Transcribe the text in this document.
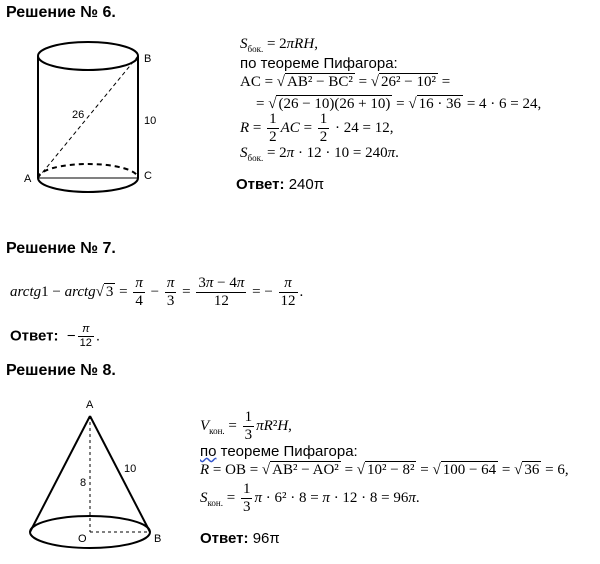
Решение № 6.
26	10
B
A	C
$S_{бок.} = 2\pi RH$,
по теореме Пифагора:
AC = √ AB² − BC² = √ 26² − 10² =
= √ (26 − 10)(26 + 10) = √ 16 · 36 = 4 · 6 = 24,
$R = \frac{1}{2}$ AC = $\frac{1}{2} \cdot 24 = 12$,
$S_{бок.} = 2\pi \cdot 12 \cdot 10 = 240\pi$.
Ответ: 240π
Решение № 7.
arctg1 − arctg√ $3 = \frac{\pi}{4} - \frac{\pi}{3} = \frac{3\pi - 4\pi}{12}$ = − $\frac{\pi}{12}$ .
Ответ:  − $\frac{\pi}{12}$ .
Решение № 8.
A
8
10
O	B
$V_{кон.} = \frac{1}{3} \pi R^2H$,
по теореме Пифагора:
R = OB = √ AB² − AO² = √ 10² − 8² = √ 100 − 64 = √ 36 = 6,
$S_{кон.} = \frac{1}{3}$ π · 6² · 8 = π · 12 · 8 = 96π.
Ответ: 96π
